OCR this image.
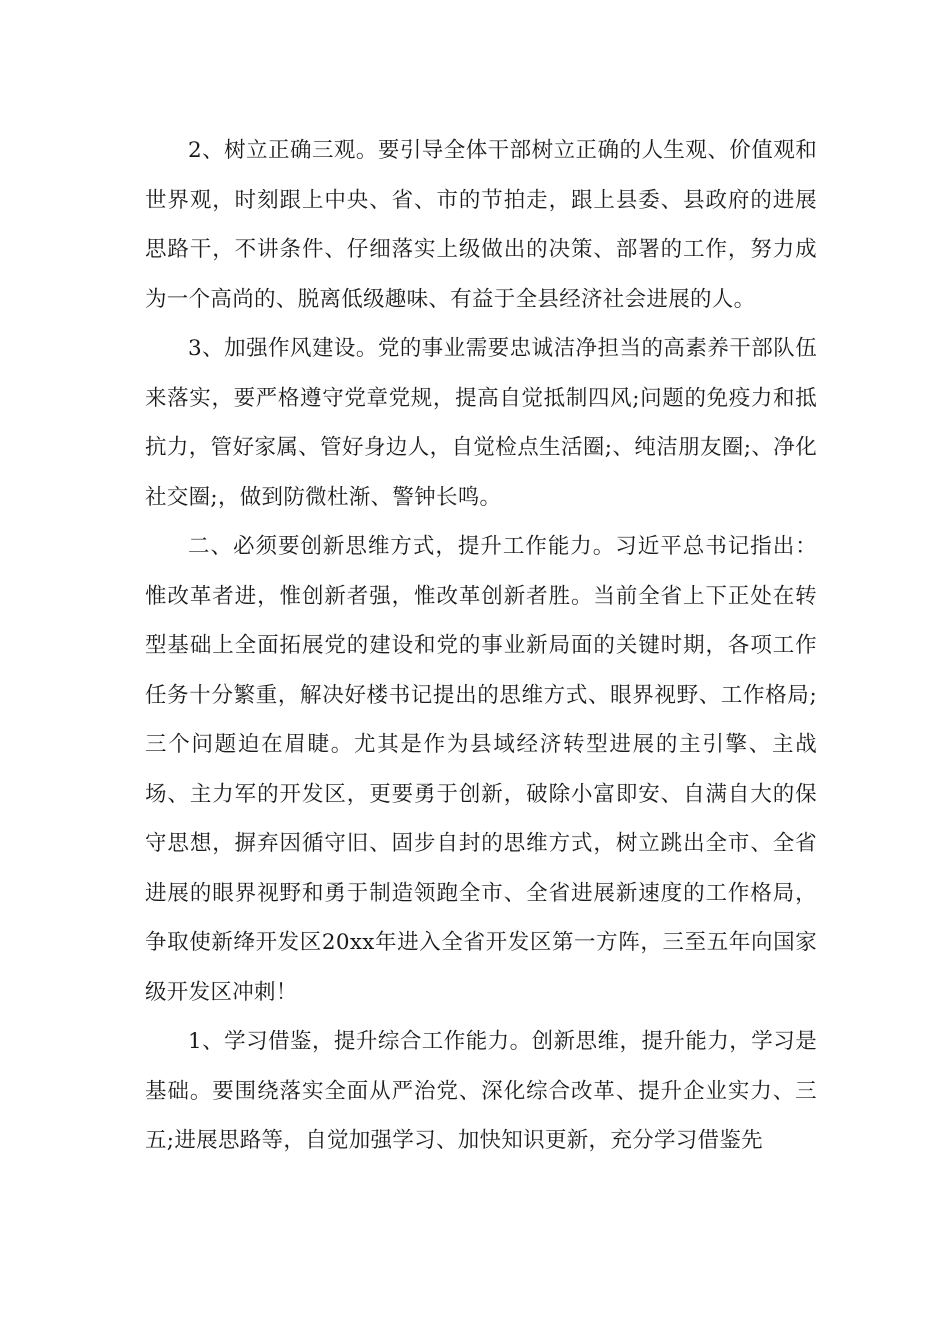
2、树立正确三观。要引导全体干部树立正确的人生观、价值观和世界观，时刻跟上中央、省、市的节拍走，跟上县委、县政府的进展思路干，不讲条件、仔细落实上级做出的决策、部署的工作，努力成为一个高尚的、脱离低级趣味、有益于全县经济社会进展的人。

3、加强作风建设。党的事业需要忠诚洁净担当的高素养干部队伍来落实，要严格遵守党章党规，提高自觉抵制四风;问题的免疫力和抵抗力，管好家属、管好身边人，自觉检点生活圈;、纯洁朋友圈;、净化社交圈;，做到防微杜渐、警钟长鸣。

二、必须要创新思维方式，提升工作能力。习近平总书记指出：惟改革者进，惟创新者强，惟改革创新者胜。当前全省上下正处在转型基础上全面拓展党的建设和党的事业新局面的关键时期，各项工作任务十分繁重，解决好楼书记提出的思维方式、眼界视野、工作格局;三个问题迫在眉睫。尤其是作为县域经济转型进展的主引擎、主战场、主力军的开发区，更要勇于创新，破除小富即安、自满自大的保守思想，摒弃因循守旧、固步自封的思维方式，树立跳出全市、全省进展的眼界视野和勇于制造领跑全市、全省进展新速度的工作格局，争取使新绛开发区20xx年进入全省开发区第一方阵，三至五年向国家级开发区冲刺！

1、学习借鉴，提升综合工作能力。创新思维，提升能力，学习是基础。要围绕落实全面从严治党、深化综合改革、提升企业实力、三五;进展思路等，自觉加强学习、加快知识更新，充分学习借鉴先
